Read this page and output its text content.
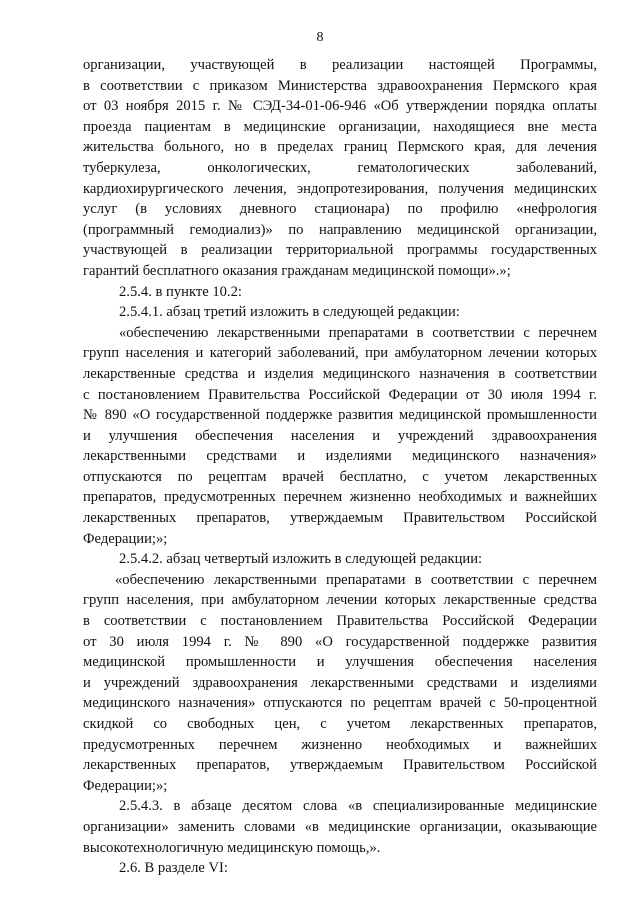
8
организации, участвующей в реализации настоящей Программы,
в соответствии с приказом Министерства здравоохранения Пермского края
от 03 ноября 2015 г. № СЭД-34-01-06-946 «Об утверждении порядка оплаты
проезда пациентам в медицинские организации, находящиеся вне места
жительства больного, но в пределах границ Пермского края, для лечения
туберкулеза, онкологических, гематологических заболеваний,
кардиохирургического лечения, эндопротезирования, получения медицинских
услуг (в условиях дневного стационара) по профилю «нефрология
(программный гемодиализ)» по направлению медицинской организации,
участвующей в реализации территориальной программы государственных
гарантий бесплатного оказания гражданам медицинской помощи».»;
2.5.4. в пункте 10.2:
2.5.4.1. абзац третий изложить в следующей редакции:
«обеспечению лекарственными препаратами в соответствии с перечнем
групп населения и категорий заболеваний, при амбулаторном лечении которых
лекарственные средства и изделия медицинского назначения в соответствии
с постановлением Правительства Российской Федерации от 30 июля 1994 г.
№ 890 «О государственной поддержке развития медицинской промышленности
и улучшения обеспечения населения и учреждений здравоохранения
лекарственными средствами и изделиями медицинского назначения»
отпускаются по рецептам врачей бесплатно, с учетом лекарственных
препаратов, предусмотренных перечнем жизненно необходимых и важнейших
лекарственных препаратов, утверждаемым Правительством Российской
Федерации;»;
2.5.4.2. абзац четвертый изложить в следующей редакции:
«обеспечению лекарственными препаратами в соответствии с перечнем
групп населения, при амбулаторном лечении которых лекарственные средства
в соответствии с постановлением Правительства Российской Федерации
от 30 июля 1994 г. № 890 «О государственной поддержке развития
медицинской промышленности и улучшения обеспечения населения
и учреждений здравоохранения лекарственными средствами и изделиями
медицинского назначения» отпускаются по рецептам врачей с 50-процентной
скидкой со свободных цен, с учетом лекарственных препаратов,
предусмотренных перечнем жизненно необходимых и важнейших
лекарственных препаратов, утверждаемым Правительством Российской
Федерации;»;
2.5.4.3. в абзаце десятом слова «в специализированные медицинские
организации» заменить словами «в медицинские организации, оказывающие
высокотехнологичную медицинскую помощь,».
2.6. В разделе VI:
